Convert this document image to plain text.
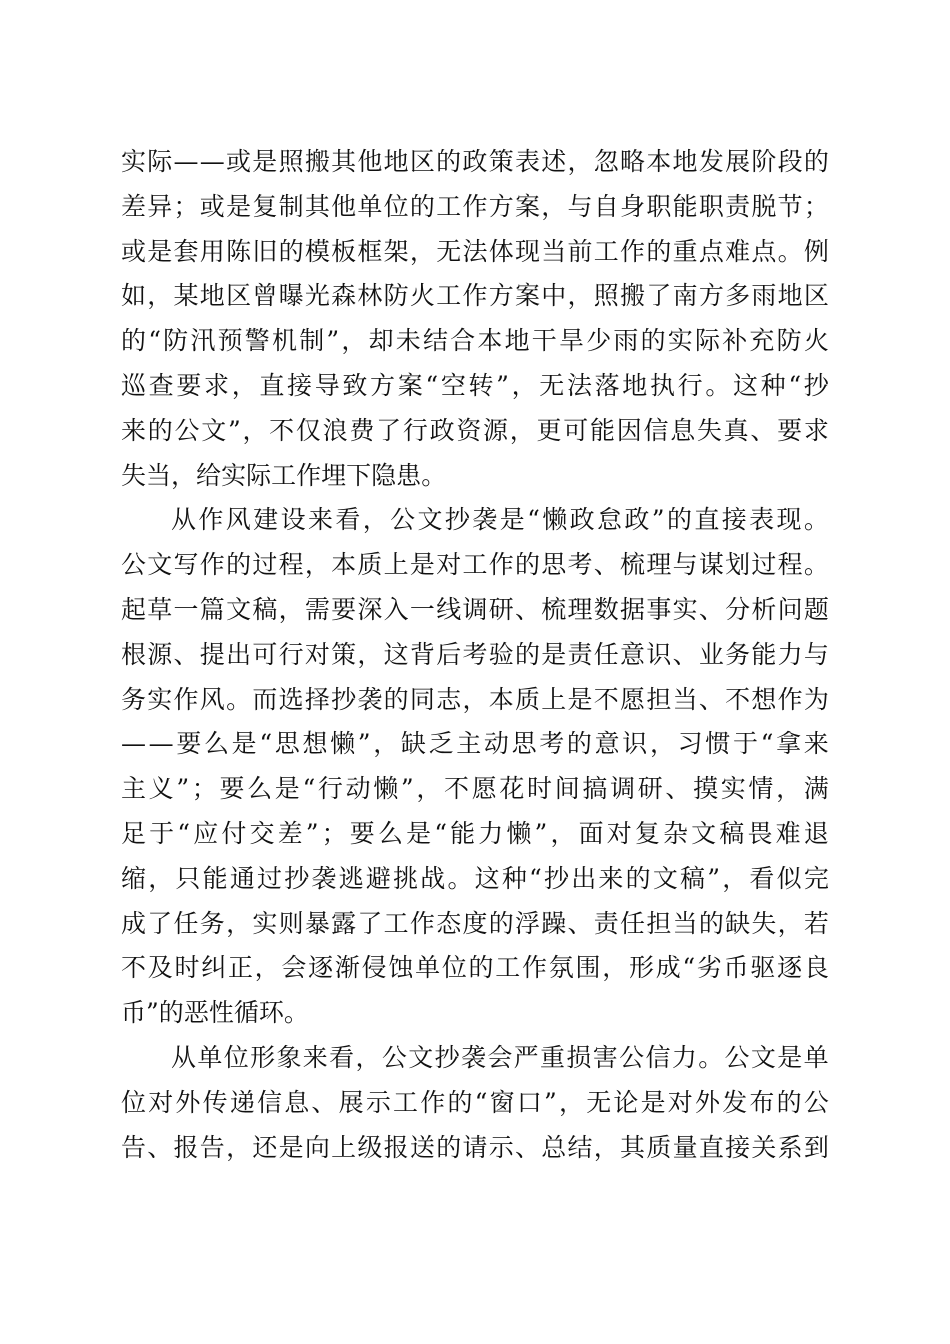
实 际 — — 或 是 照 搬 其 他 地 区 的 政 策 表 述 ， 忽 略 本 地 发 展 阶 段 的
差 异 ； 或 是 复 制 其 他 单 位 的 工 作 方 案 ， 与 自 身 职 能 职 责 脱 节 ；
或 是 套 用 陈 旧 的 模 板 框 架 ， 无 法 体 现 当 前 工 作 的 重 点 难 点 。 例
如 ， 某 地 区 曾 曝 光 森 林 防 火 工 作 方 案 中 ， 照 搬 了 南 方 多 雨 地 区
的 “ 防 汛 预 警 机 制 ” ， 却 未 结 合 本 地 干 旱 少 雨 的 实 际 补 充 防 火
巡 查 要 求 ， 直 接 导 致 方 案 “ 空 转 ” ， 无 法 落 地 执 行 。 这 种 “ 抄
来 的 公 文 ” ， 不 仅 浪 费 了 行 政 资 源 ， 更 可 能 因 信 息 失 真 、 要 求
失 当 ， 给 实 际 工 作 埋 下 隐 患 。
从 作 风 建 设 来 看 ， 公 文 抄 袭 是 “ 懒 政 怠 政 ” 的 直 接 表 现 。
公 文 写 作 的 过 程 ， 本 质 上 是 对 工 作 的 思 考 、 梳 理 与 谋 划 过 程 。
起 草 一 篇 文 稿 ， 需 要 深 入 一 线 调 研 、 梳 理 数 据 事 实 、 分 析 问 题
根 源 、 提 出 可 行 对 策 ， 这 背 后 考 验 的 是 责 任 意 识 、 业 务 能 力 与
务 实 作 风 。 而 选 择 抄 袭 的 同 志 ， 本 质 上 是 不 愿 担 当 、 不 想 作 为
— — 要 么 是 “ 思 想 懒 ” ， 缺 乏 主 动 思 考 的 意 识 ， 习 惯 于 “ 拿 来
主 义 ” ； 要 么 是 “ 行 动 懒 ” ， 不 愿 花 时 间 搞 调 研 、 摸 实 情 ， 满
足 于 “ 应 付 交 差 ” ； 要 么 是 “ 能 力 懒 ” ， 面 对 复 杂 文 稿 畏 难 退
缩 ， 只 能 通 过 抄 袭 逃 避 挑 战 。 这 种 “ 抄 出 来 的 文 稿 ” ， 看 似 完
成 了 任 务 ， 实 则 暴 露 了 工 作 态 度 的 浮 躁 、 责 任 担 当 的 缺 失 ， 若
不 及 时 纠 正 ， 会 逐 渐 侵 蚀 单 位 的 工 作 氛 围 ， 形 成 “ 劣 币 驱 逐 良
币 ” 的 恶 性 循 环 。
从 单 位 形 象 来 看 ， 公 文 抄 袭 会 严 重 损 害 公 信 力 。 公 文 是 单
位 对 外 传 递 信 息 、 展 示 工 作 的 “ 窗 口 ” ， 无 论 是 对 外 发 布 的 公
告 、 报 告 ， 还 是 向 上 级 报 送 的 请 示 、 总 结 ， 其 质 量 直 接 关 系 到
